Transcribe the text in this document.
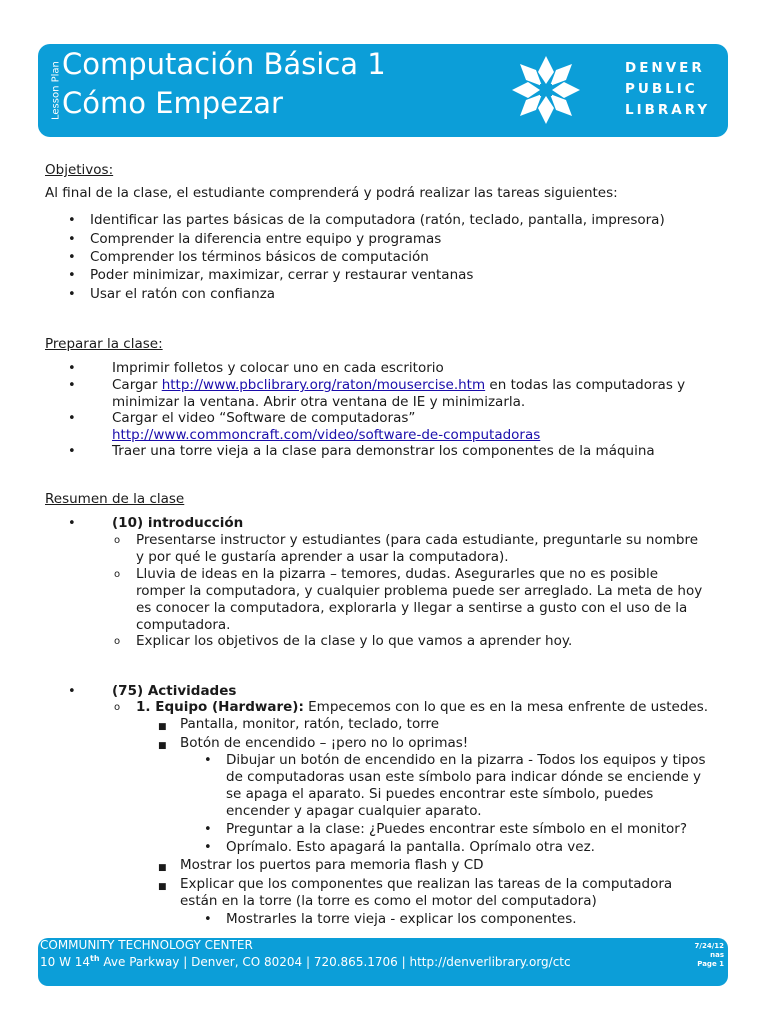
Lesson Plan Computación Básica 1
Cómo Empezar
DENVER
PUBLIC
LIBRARY
Objetivos:
Al final de la clase, el estudiante comprenderá y podrá realizar las tareas siguientes:
• Identificar las partes básicas de la computadora (ratón, teclado, pantalla, impresora)
• Comprender la diferencia entre equipo y programas
• Comprender los términos básicos de computación
• Poder minimizar, maximizar, cerrar y restaurar ventanas
• Usar el ratón con confianza
Preparar la clase:
•	Imprimir folletos y colocar uno en cada escritorio
•	Cargar http://www.pbclibrary.org/raton/mousercise.htm en todas las computadoras y
minimizar la ventana. Abrir otra ventana de IE y minimizarla.
•	Cargar el video “Software de computadoras”
http://www.commoncraft.com/video/software-de-computadoras
•	Traer una torre vieja a la clase para demonstrar los componentes de la máquina
Resumen de la clase
•	(10) introducción
o Presentarse instructor y estudiantes (para cada estudiante, preguntarle su nombre
y por qué le gustaría aprender a usar la computadora).
o Lluvia de ideas en la pizarra – temores, dudas. Asegurarles que no es posible
romper la computadora, y cualquier problema puede ser arreglado. La meta de hoy
es conocer la computadora, explorarla y llegar a sentirse a gusto con el uso de la
computadora.
o Explicar los objetivos de la clase y lo que vamos a aprender hoy.
•	(75) Actividades
o 1. Equipo (Hardware): Empecemos con lo que es en la mesa enfrente de ustedes.
■ Pantalla, monitor, ratón, teclado, torre
■ Botón de encendido – ¡pero no lo oprimas!
• Dibujar un botón de encendido en la pizarra - Todos los equipos y tipos
de computadoras usan este símbolo para indicar dónde se enciende y
se apaga el aparato. Si puedes encontrar este símbolo, puedes
encender y apagar cualquier aparato.
• Preguntar a la clase: ¿Puedes encontrar este símbolo en el monitor?
• Oprímalo. Esto apagará la pantalla. Oprímalo otra vez.
■ Mostrar los puertos para memoria flash y CD
■ Explicar que los componentes que realizan las tareas de la computadora
están en la torre (la torre es como el motor del computadora)
• Mostrarles la torre vieja - explicar los componentes.
COMMUNITY TECHNOLOGY CENTER
10 W 14th Ave Parkway | Denver, CO 80204 | 720.865.1706 | http://denverlibrary.org/ctc
7/24/12
nas
Page 1
